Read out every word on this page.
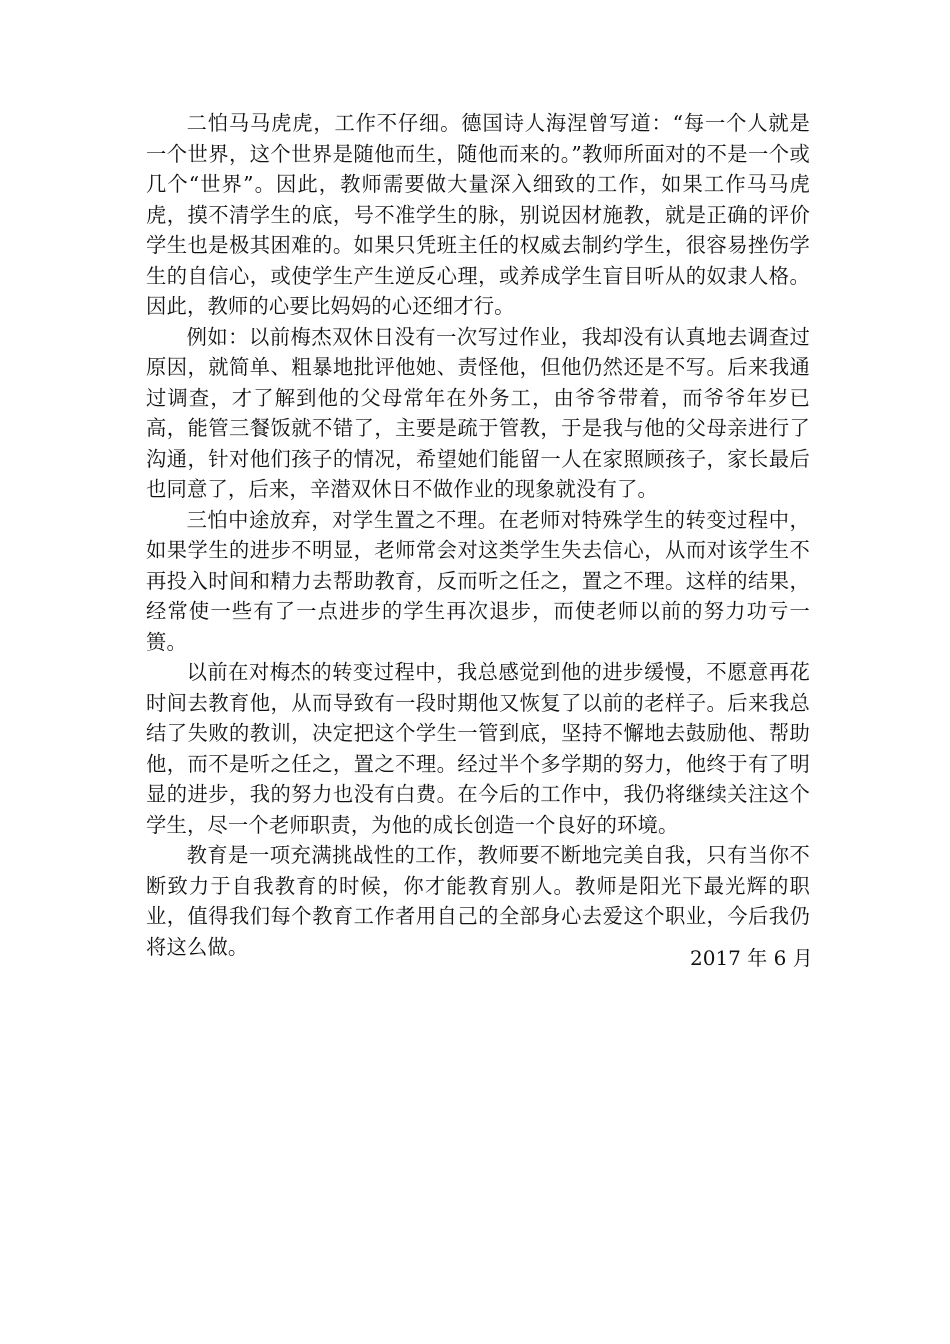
二怕马马虎虎，工作不仔细。德国诗人海涅曾写道：“每一个人就是一个世界，这个世界是随他而生，随他而来的。”教师所面对的不是一个或几个“世界”。因此，教师需要做大量深入细致的工作，如果工作马马虎虎，摸不清学生的底，号不准学生的脉，别说因材施教，就是正确的评价学生也是极其困难的。如果只凭班主任的权威去制约学生，很容易挫伤学生的自信心，或使学生产生逆反心理，或养成学生盲目听从的奴隶人格。因此，教师的心要比妈妈的心还细才行。

例如：以前梅杰双休日没有一次写过作业，我却没有认真地去调查过原因，就简单、粗暴地批评他她、责怪他，但他仍然还是不写。后来我通过调查，才了解到他的父母常年在外务工，由爷爷带着，而爷爷年岁已高，能管三餐饭就不错了，主要是疏于管教，于是我与他的父母亲进行了沟通，针对他们孩子的情况，希望她们能留一人在家照顾孩子，家长最后也同意了，后来，辛潜双休日不做作业的现象就没有了。

三怕中途放弃，对学生置之不理。在老师对特殊学生的转变过程中，如果学生的进步不明显，老师常会对这类学生失去信心，从而对该学生不再投入时间和精力去帮助教育，反而听之任之，置之不理。这样的结果，经常使一些有了一点进步的学生再次退步，而使老师以前的努力功亏一篑。

以前在对梅杰的转变过程中，我总感觉到他的进步缓慢，不愿意再花时间去教育他，从而导致有一段时期他又恢复了以前的老样子。后来我总结了失败的教训，决定把这个学生一管到底，坚持不懈地去鼓励他、帮助他，而不是听之任之，置之不理。经过半个多学期的努力，他终于有了明显的进步，我的努力也没有白费。在今后的工作中，我仍将继续关注这个学生，尽一个老师职责，为他的成长创造一个良好的环境。

教育是一项充满挑战性的工作，教师要不断地完美自我，只有当你不断致力于自我教育的时候，你才能教育别人。教师是阳光下最光辉的职业，值得我们每个教育工作者用自己的全部身心去爱这个职业，今后我仍将这么做。	2017 年 6 月
